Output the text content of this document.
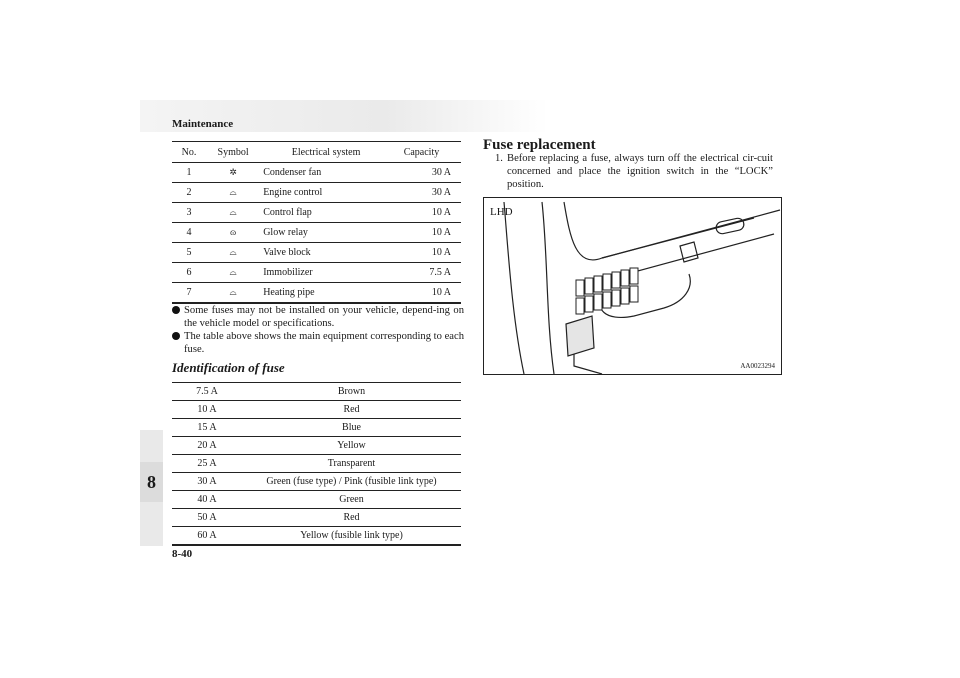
Maintenance
No.	Symbol	Electrical system	Capacity
1	✲	Condenser fan	30 A
2	⌓	Engine control	30 A
3	⌓	Control flap	10 A
4	ɷ	Glow relay	10 A
5	⌓	Valve block	10 A
6	⌓	Immobilizer	7.5 A
7	⌓	Heating pipe	10 A
Some fuses may not be installed on your vehicle, depend-ing on the vehicle model or specifications.
The table above shows the main equipment corresponding to each fuse.
Identification of fuse
7.5 A	Brown
10 A	Red
15 A	Blue
20 A	Yellow
25 A	Transparent
30 A	Green (fuse type) / Pink (fusible link type)
40 A	Green
50 A	Red
60 A	Yellow (fusible link type)
Fuse replacement
1. Before replacing a fuse, always turn off the electrical cir-cuit concerned and place the ignition switch in the “LOCK” position.
LHD
AA0023294
8
8-40
